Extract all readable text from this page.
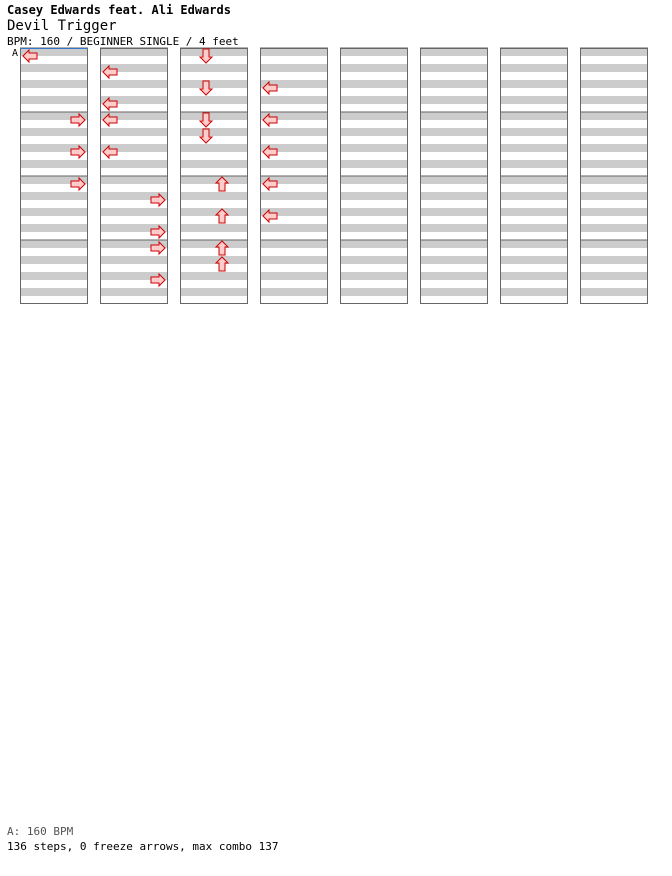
Casey Edwards feat. Ali Edwards
Devil Trigger
BPM: 160 / BEGINNER SINGLE / 4 feet
A
A: 160 BPM
136 steps, 0 freeze arrows, max combo 137
